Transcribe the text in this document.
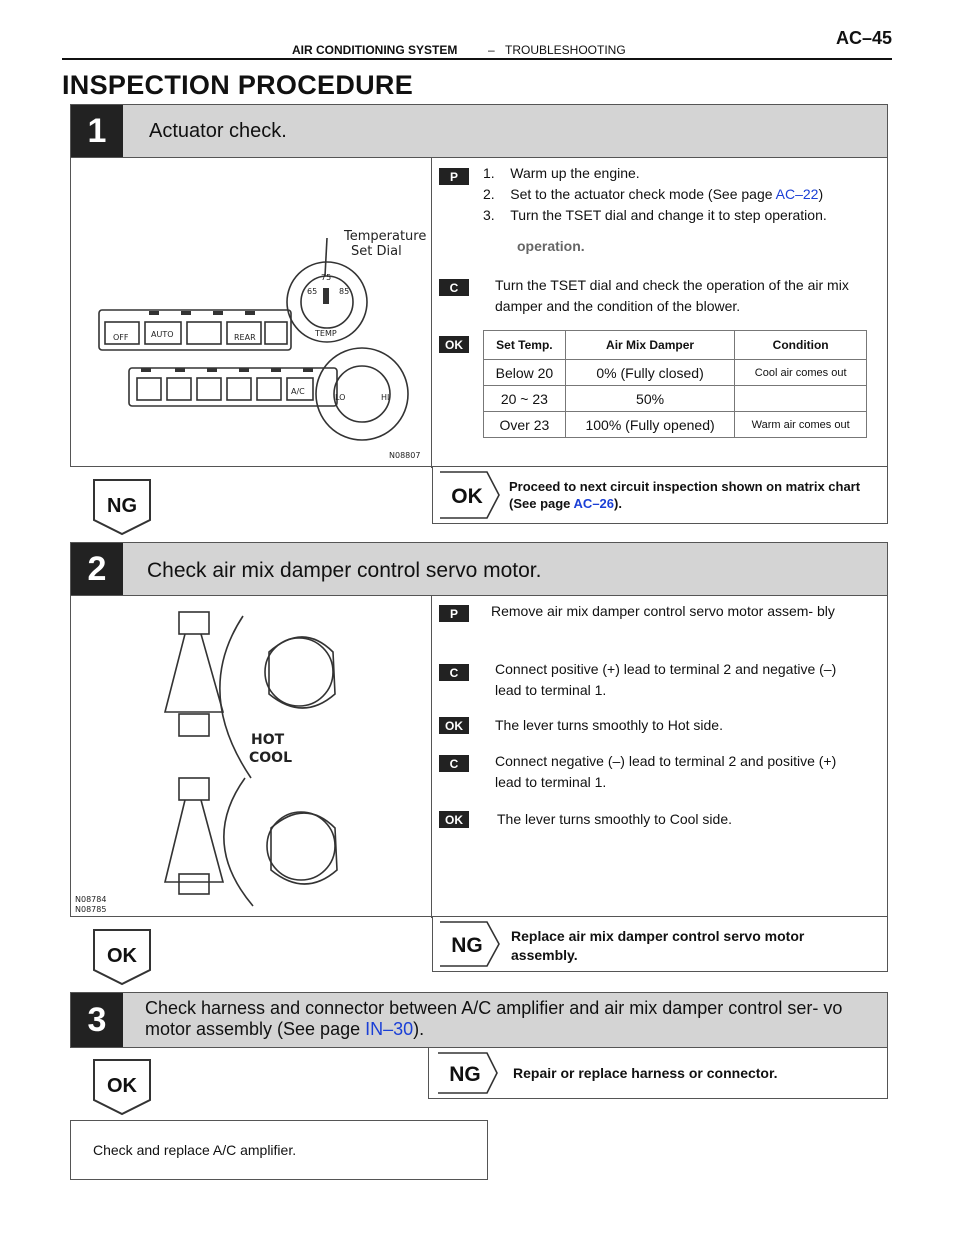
AC–45
AIR CONDITIONING SYSTEM	– TROUBLESHOOTING
INSPECTION PROCEDURE
1	Actuator check.
OFF	AUTO	REAR
A/C
65
75
85
TEMP
LO	HI
Temperature
Set Dial
N08807
P	1. Warm up the engine.
2. Set to the actuator check mode (See page AC–22)
3. Turn the TSET dial and change it to step operation.
operation.
C	Turn the TSET dial and check the operation of the air mix damper and the condition of the blower.
OK	Set Temp.	Air Mix Damper	Condition
Below 20	0% (Fully closed)	Cool air comes out
20 ~ 23	50%	
Over 23	100% (Fully opened)	Warm air comes out
NG	OK Proceed to next circuit inspection shown on matrix chart (See page AC–26).
2	Check air mix damper control servo motor.
HOT
COOL
N08784
N08785
P	Remove air mix damper control servo motor assem- bly
C	Connect positive (+) lead to terminal 2 and negative (–) lead to terminal 1.
OK	The lever turns smoothly to Hot side.
C	Connect negative (–) lead to terminal 2 and positive (+) lead to terminal 1.
OK	The lever turns smoothly to Cool side.
OK	NG Replace air mix damper control servo motor assembly.
3	Check harness and connector between A/C amplifier and air mix damper control ser- vo motor assembly (See page IN–30).
OK	NG Repair or replace harness or connector.
Check and replace A/C amplifier.
